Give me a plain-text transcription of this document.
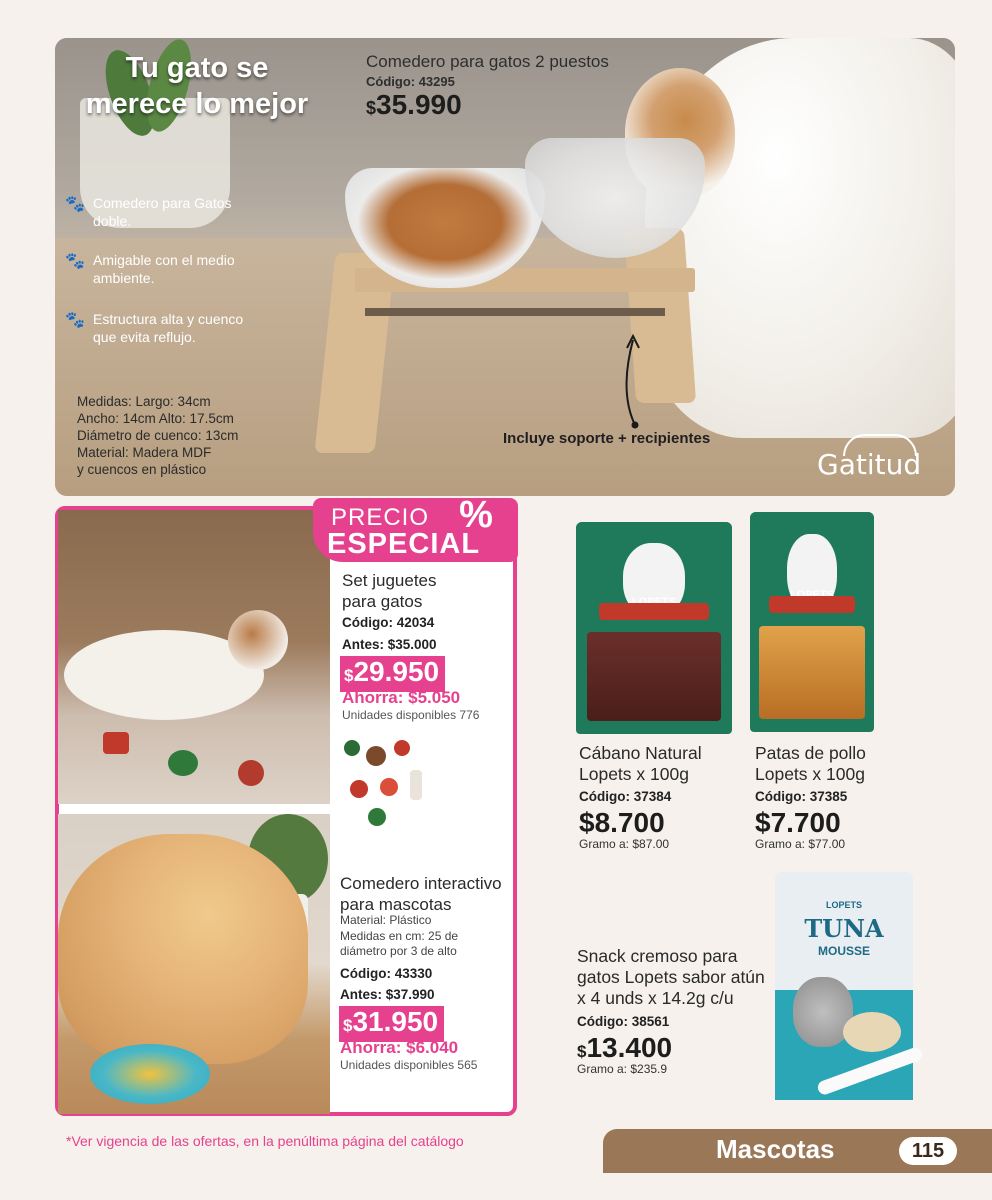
Tu gato se
merece lo mejor
Comedero para gatos 2 puestos
Código: 43295
$35.990
🐾 Comedero para Gatos doble.
🐾 Amigable con el medio ambiente.
🐾 Estructura alta y cuenco que evita reflujo.
Medidas: Largo: 34cm
Ancho: 14cm Alto: 17.5cm
Diámetro de cuenco: 13cm
Material: Madera MDF
y cuencos en plástico
Incluye soporte + recipientes
Gatitud
PRECIO %
ESPECIAL
Set juguetes
para gatos
Código: 42034
Antes: $35.000
$29.950
Ahorra: $5.050
Unidades disponibles 776
Comedero interactivo
para mascotas
Material: Plástico
Medidas en cm: 25 de
diámetro por 3 de alto
Código: 43330
Antes: $37.990
$31.950
Ahorra: $6.040
Unidades disponibles 565
Cábano Natural
Lopets x 100g
Código: 37384
$8.700
Gramo a: $87.00
Patas de pollo
Lopets x 100g
Código: 37385
$7.700
Gramo a: $77.00
LOPETS
TUNA
MOUSSE
Snack cremoso para
gatos Lopets sabor atún
x 4 unds x 14.2g c/u
Código: 38561
$13.400
Gramo a: $235.9
*Ver vigencia de las ofertas, en la penúltima página del catálogo	Mascotas	115
